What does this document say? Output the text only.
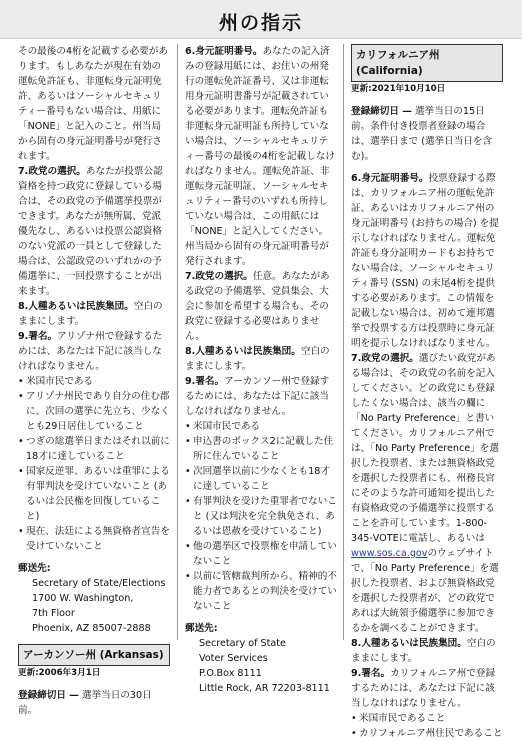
州の指示

その最後の4桁を記載する必要があります。もしあなたが現在有効の運転免許証も、非運転身元証明免許、あるいはソーシャルセキュリティー番号もない場合は、用紙に「NONE」と記入のこと。州当局から固有の身元証明番号が発行されます。

7.政党の選択。あなたが投票公認資格を持つ政党に登録している場合は、その政党の予備選挙投票ができます。あなたが無所属、党派優先なし、あるいは投票公認資格のない党派の一員として登録した場合は、公認政党のいずれかの予備選挙に、一回投票することが出来ます。

8.人種あるいは民族集団。空白のままにします。

9.署名。アリゾナ州で登録するためには、あなたは下記に該当しなければなりません。

• 米国市民である
• アリゾナ州民であり自分の住む郡に、次回の選挙に先立ち、少なくとも29日居住していること
• つぎの総選挙日またはそれ以前に18才に達していること
• 国家反逆罪、あるいは重罪による有罪判決を受けていないこと (あるいは公民権を回復していること)
• 現在、法廷による無資格者宣告を受けていないこと

郵送先:

Secretary of State/Elections

1700 W. Washington,

7th Floor

Phoenix, AZ 85007-2888

アーカンソー州 (Arkansas)

更新:2006年3月1日

登録締切日 — 選挙当日の30日前。

6.身元証明番号。あなたの記入済みの登録用紙には、お住いの州発行の運転免許証番号、又は非運転用身元証明書番号が記載されている必要があります。運転免許証も非運転身元証明証も所持していない場合は、ソーシャルセキュリティー番号の最後の4桁を記載しなければなりません。運転免許証、非運転身元証明証、ソーシャルセキュリティー番号のいずれも所持していない場合は、この用紙には「NONE」と記入してください。州当局から固有の身元証明番号が発行されます。

7.政党の選択。任意。あなたがある政党の予備選挙、党員集会、大会に参加を希望する場合も、その政党に登録する必要はありません。

8.人種あるいは民族集団。空白のままにします。

9.署名。アーカンソー州で登録するためには、あなたは下記に該当しなければなりません。

• 米国市民である
• 申込書のボックス2に記載した住所に住んでいること
• 次回選挙以前に少なくとも18才に達していること
• 有罪判決を受けた重罪者でないこと (又は判決を完全執免され、あるいは恩赦を受けていること)
• 他の選挙区で投票権を申請していないこと
• 以前に管轄裁判所から、精神的不能力者であるとの判決を受けていないこと

郵送先:

Secretary of State

Voter Services

P.O.Box 8111

Little Rock, AR 72203-8111

カリフォルニア州 (California)

更新:2021年10月10日

登録締切日 — 選挙当日の15日前。条件付き投票者登録の場合は、選挙日まで (選挙日当日を含む)。

6.身元証明番号。投票登録する際は、カリフォルニア州の運転免許証、あるいはカリフォルニア州の身元証明番号 (お持ちの場合) を提示しなければなりません。運転免許証も身分証明カードもお持ちでない場合は、ソーシャルセキュリティ番号 (SSN) の末尾4桁を提供する必要があります。この情報を記載しない場合は、初めて連邦選挙で投票する方は投票時に身元証明を提示しなければなりません。

7.政党の選択。選びたい政党がある場合は、その政党の名前を記入してください。どの政党にも登録したくない場合は、該当の欄に「No Party Preference」と書いてください。カリフォルニア州では、「No Party Preference」を選択した投票者、または無資格政党を選択した投票者にも、州務長官にそのような許可通知を提出した有資格政党の予備選挙に投票することを許可しています。1-800-345-VOTEに電話し、あるいはwww.sos.ca.govのウェブサイトで、「No Party Preference」を選択した投票者、および無資格政党を選択した投票者が、どの政党であれば大統領予備選挙に参加できるかを調べることができます。

8.人種あるいは民族集団。空白のままにします。

9.署名。カリフォルニア州で登録するためには、あなたは下記に該当しなければなりません。

• 米国市民であること
• カリフォルニア州住民であること
